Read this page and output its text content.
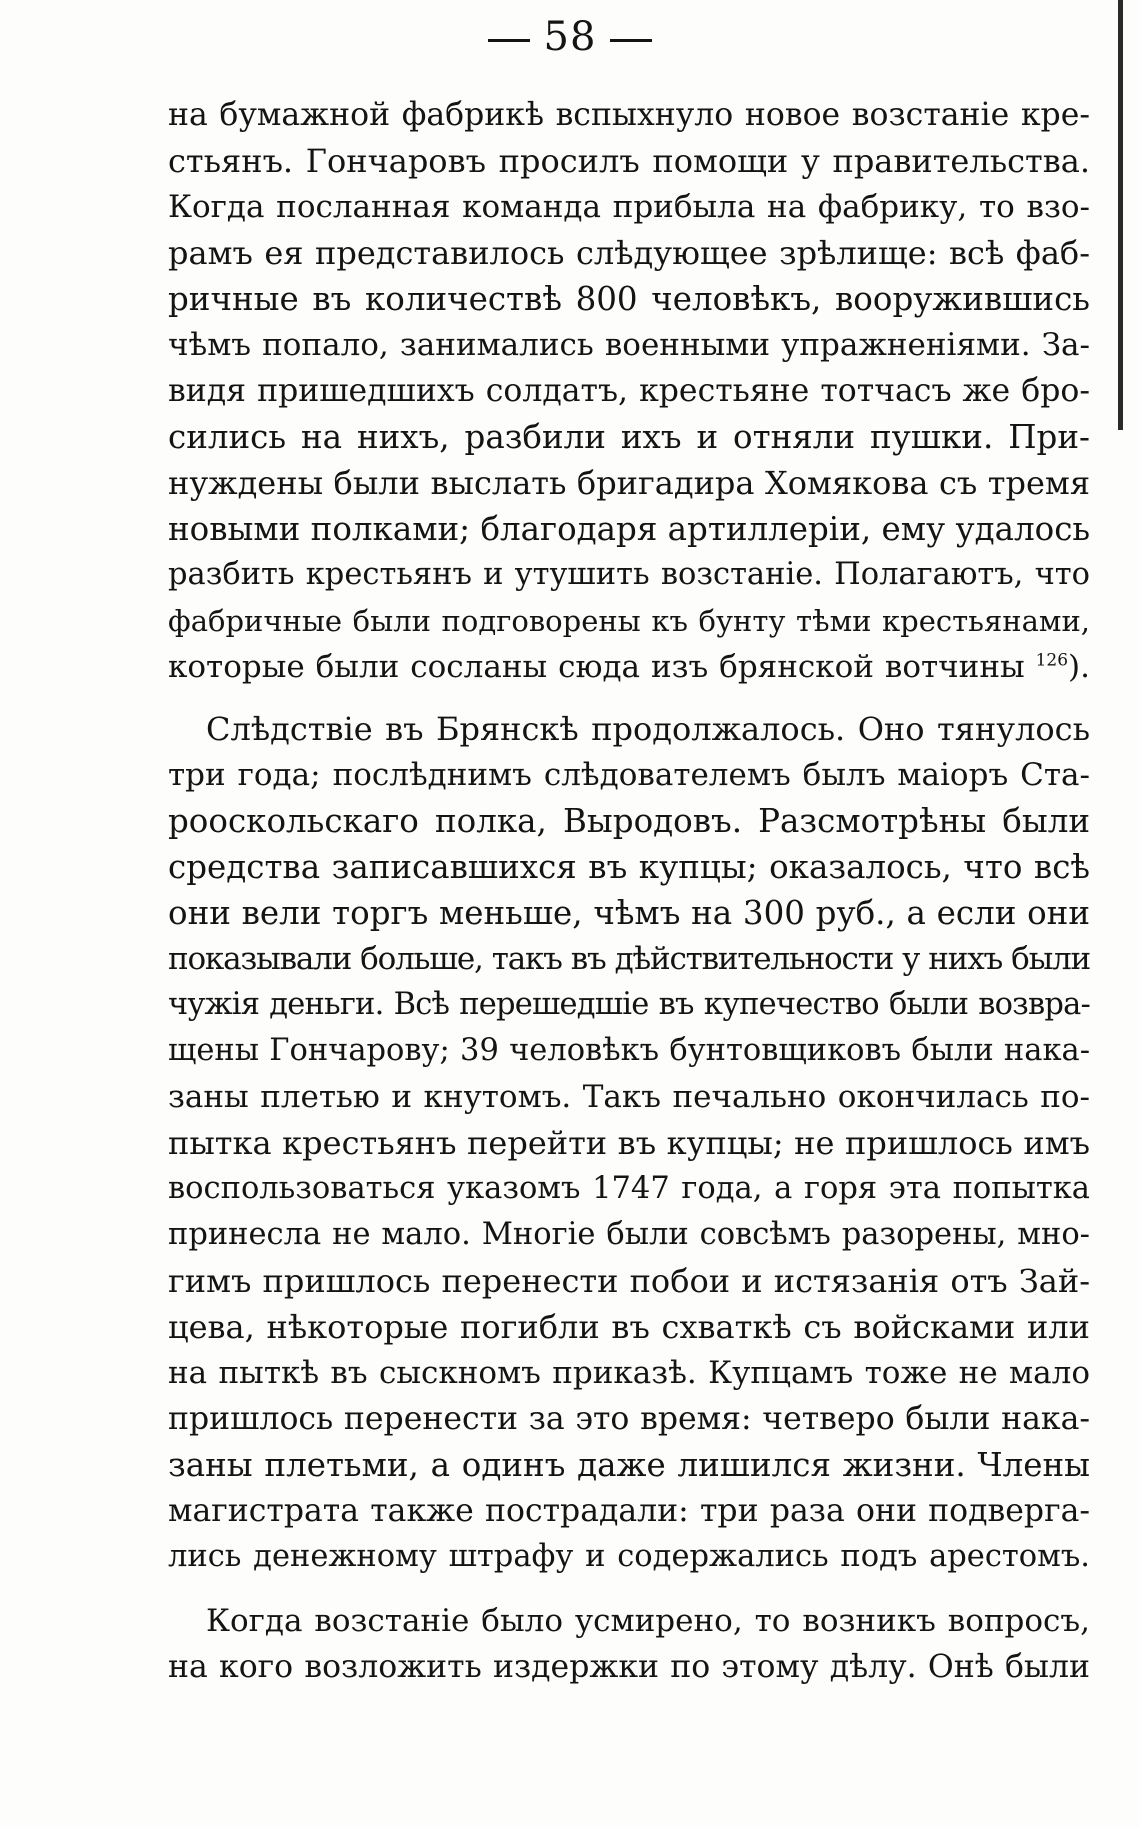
58
на бумажной фабрикѣ вспыхнуло новое возстаніе кре-
стьянъ. Гончаровъ просилъ помощи у правительства.
Когда посланная команда прибыла на фабрику, то взо-
рамъ ея представилось слѣдующее зрѣлище: всѣ фаб-
ричные въ количествѣ 800 человѣкъ, вооружившись
чѣмъ попало, занимались военными упражненіями. За-
видя пришедшихъ солдатъ, крестьяне тотчасъ же бро-
сились на нихъ, разбили ихъ и отняли пушки. При-
нуждены были выслать бригадира Хомякова съ тремя
новыми полками; благодаря артиллеріи, ему удалось
разбить крестьянъ и утушить возстаніе. Полагаютъ, что
фабричные были подговорены къ бунту тѣми крестьянами,
которые были сосланы сюда изъ брянской вотчины $^{126}$).
Слѣдствіе въ Брянскѣ продолжалось. Оно тянулось
три года; послѣднимъ слѣдователемъ былъ маіоръ Ста-
рооскольскаго полка, Выродовъ. Разсмотрѣны были
средства записавшихся въ купцы; оказалось, что всѣ
они вели торгъ меньше, чѣмъ на 300 руб., а если они
показывали больше, такъ въ дѣйствительности у нихъ были
чужія деньги. Всѣ перешедшіе въ купечество были возвра-
щены Гончарову; 39 человѣкъ бунтовщиковъ были нака-
заны плетью и кнутомъ. Такъ печально окончилась по-
пытка крестьянъ перейти въ купцы; не пришлось имъ
воспользоваться указомъ 1747 года, а горя эта попытка
принесла не мало. Многіе были совсѣмъ разорены, мно-
гимъ пришлось перенести побои и истязанія отъ Зай-
цева, нѣкоторые погибли въ схваткѣ съ войсками или
на пыткѣ въ сыскномъ приказѣ. Купцамъ тоже не мало
пришлось перенести за это время: четверо были нака-
заны плетьми, а одинъ даже лишился жизни. Члены
магистрата также пострадали: три раза они подверга-
лись денежному штрафу и содержались подъ арестомъ.
Когда возстаніе было усмирено, то возникъ вопросъ,
на кого возложить издержки по этому дѣлу. Онѣ были
